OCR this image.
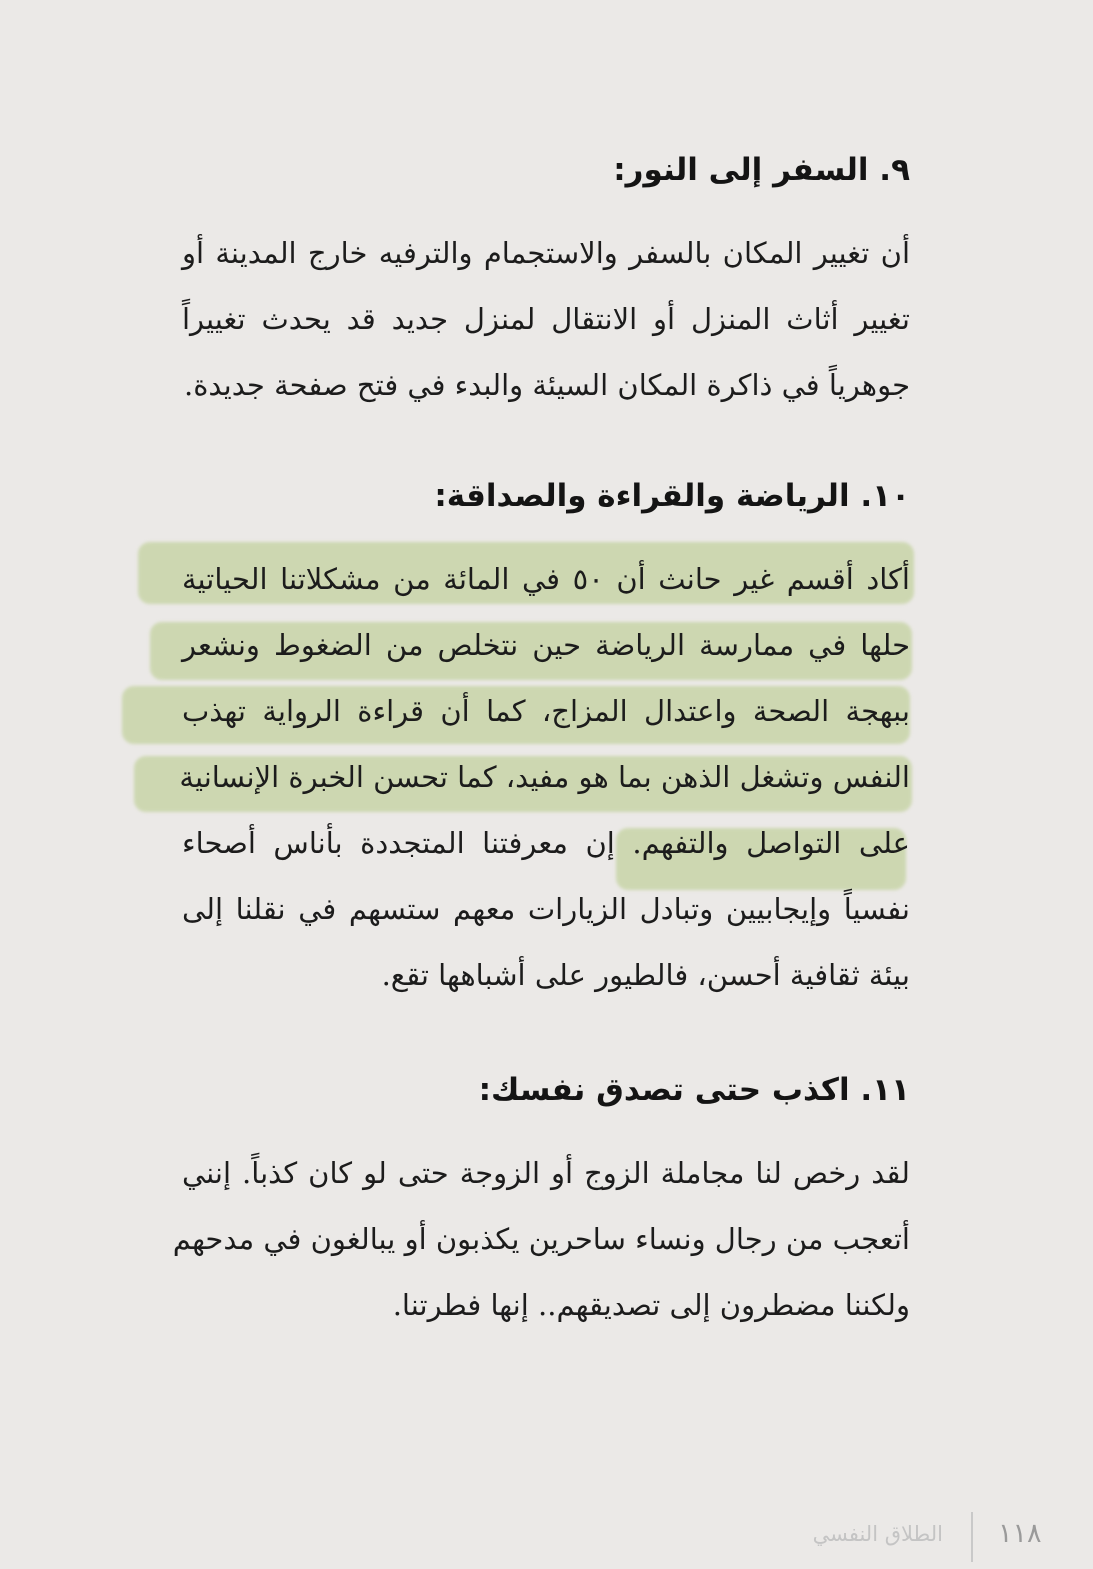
٩. السفر إلى النور:
أن تغيير المكان بالسفر والاستجمام والترفيه خارج المدينة أو
تغيير أثاث المنزل أو الانتقال لمنزل جديد قد يحدث تغييراً
جوهرياً في ذاكرة المكان السيئة والبدء في فتح صفحة جديدة.
١٠. الرياضة والقراءة والصداقة:
أكاد أقسم غير حانث أن ٥٠ في المائة من مشكلاتنا الحياتية
حلها في ممارسة الرياضة حين نتخلص من الضغوط ونشعر
ببهجة الصحة واعتدال المزاج، كما أن قراءة الرواية تهذب
النفس وتشغل الذهن بما هو مفيد، كما تحسن الخبرة الإنسانية
على التواصل والتفهم. إن معرفتنا المتجددة بأناس أصحاء
نفسياً وإيجابيين وتبادل الزيارات معهم ستسهم في نقلنا إلى
بيئة ثقافية أحسن، فالطيور على أشباهها تقع.
١١. اكذب حتى تصدق نفسك:
لقد رخص لنا مجاملة الزوج أو الزوجة حتى لو كان كذباً. إنني
أتعجب من رجال ونساء ساحرين يكذبون أو يبالغون في مدحهم
ولكننا مضطرون إلى تصديقهم.. إنها فطرتنا.
١١٨
الطلاق النفسي
